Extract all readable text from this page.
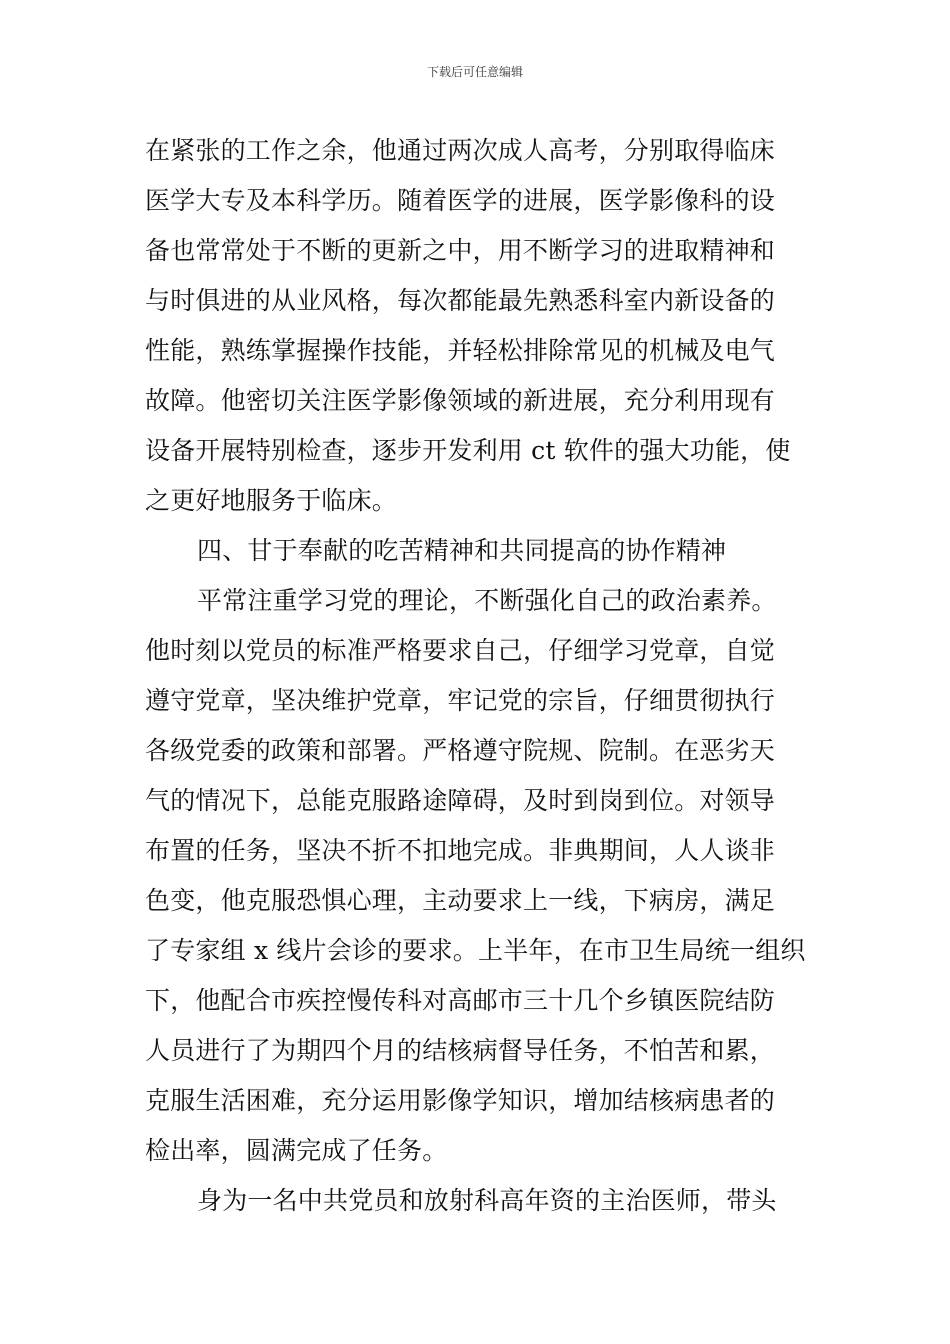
下载后可任意编辑
在紧张的工作之余，他通过两次成人高考，分别取得临床
医学大专及本科学历。随着医学的进展，医学影像科的设
备也常常处于不断的更新之中，用不断学习的进取精神和
与时俱进的从业风格，每次都能最先熟悉科室内新设备的
性能，熟练掌握操作技能，并轻松排除常见的机械及电气
故障。他密切关注医学影像领域的新进展，充分利用现有
设备开展特别检查，逐步开发利用 ct 软件的强大功能，使
之更好地服务于临床。
四、甘于奉献的吃苦精神和共同提高的协作精神
平常注重学习党的理论，不断强化自己的政治素养。
他时刻以党员的标准严格要求自己，仔细学习党章，自觉
遵守党章，坚决维护党章，牢记党的宗旨，仔细贯彻执行
各级党委的政策和部署。严格遵守院规、院制。在恶劣天
气的情况下，总能克服路途障碍，及时到岗到位。对领导
布置的任务，坚决不折不扣地完成。非典期间，人人谈非
色变，他克服恐惧心理，主动要求上一线，下病房，满足
了专家组 x 线片会诊的要求。上半年，在市卫生局统一组织
下，他配合市疾控慢传科对高邮市三十几个乡镇医院结防
人员进行了为期四个月的结核病督导任务，不怕苦和累，
克服生活困难，充分运用影像学知识，增加结核病患者的
检出率，圆满完成了任务。
身为一名中共党员和放射科高年资的主治医师，带头
